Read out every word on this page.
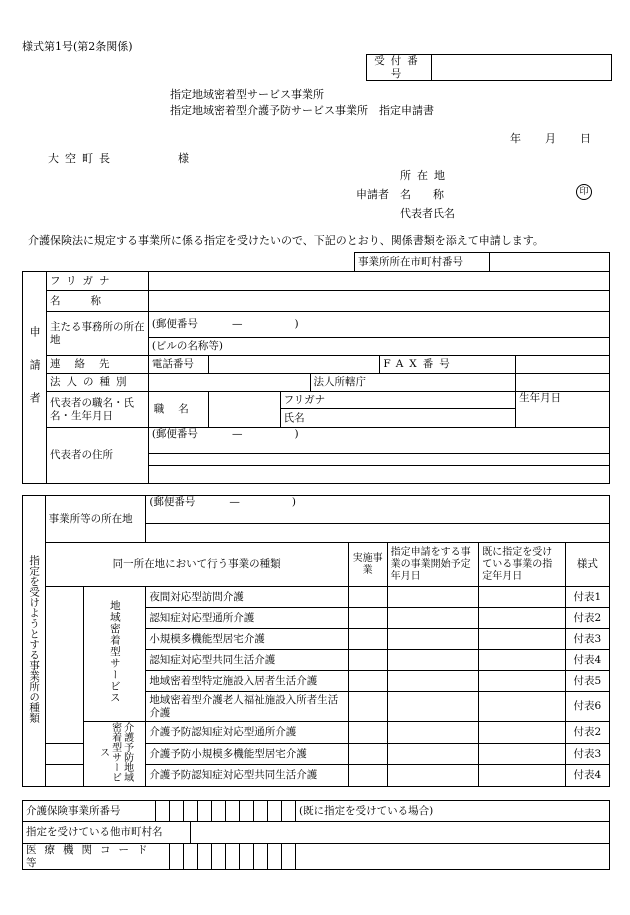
様式第1号(第2条関係)
受付番号	
指定地域密着型サービス事業所
指定地域密着型介護予防サービス事業所　指定申請書
年 月 日
大空町長	様
所在地
申請者 名称	印
代表者氏名
介護保険法に規定する事業所に係る指定を受けたいので、下記のとおり、関係書類を添えて申請します。
事業所所在市町村番号	
申請者	フリガナ						
	名称						
	主たる事務所の所在地	(郵便番号 — )					
		(ビルの名称等)					
	連絡先	電話番号				FAX番号	
	法人の種別				法人所轄庁		
	代表者の職名・氏名・生年月日	職名		フリガナ			生年月日
				氏名			
	代表者の住所	(郵便番号 — )					

指定を受けようとする事業所の種類	事業所等の所在地		(郵便番号 — )				

	同一所在地において行う事業の種類			実施事業	指定申請をする事業の事業開始予定年月日	既に指定を受けている事業の指定年月日	様式
		地域密着型サービス	夜間対応型訪問介護				付表1
			認知症対応型通所介護				付表2
			小規模多機能型居宅介護				付表3
			認知症対応型共同生活介護				付表4
			地域密着型特定施設入居者生活介護				付表5
			地域密着型介護老人福祉施設入所者生活介護				付表6
		介護予防地域密着型サービス	介護予防認知症対応型通所介護				付表2
			介護予防小規模多機能型居宅介護				付表3
			介護予防認知症対応型共同生活介護				付表4
介護保険事業所番号											(既に指定を受けている場合)
指定を受けている他市町村名											
医療機関コード等											
